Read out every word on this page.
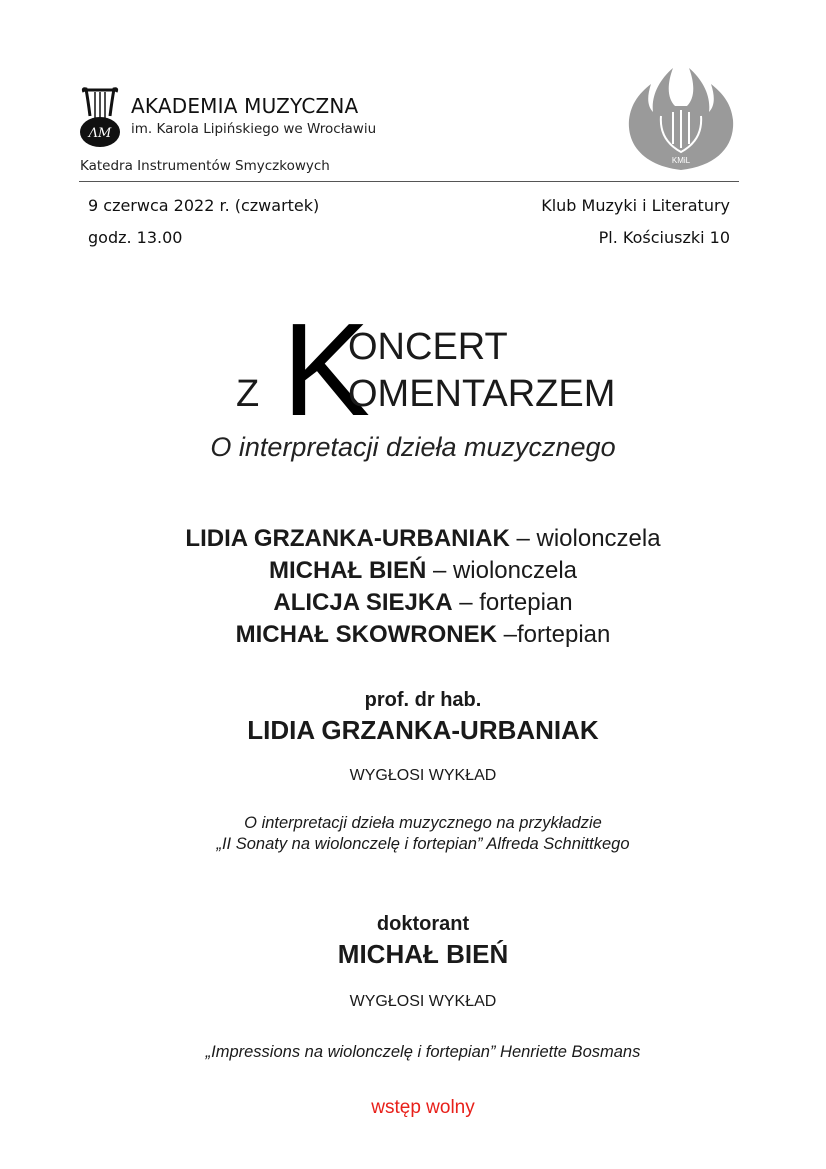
ΛΜ
AKADEMIA MUZYCZNA
im. Karola Lipińskiego we Wrocławiu
Katedra Instrumentów Smyczkowych
W
KMiL
9 czerwca 2022 r. (czwartek)
godz. 13.00
Klub Muzyki i Literatury
Pl. Kościuszki 10
K
ONCERT
Z OMENTARZEM
O interpretacji dzieła muzycznego
LIDIA GRZANKA-URBANIAK – wiolonczela
MICHAŁ BIEŃ – wiolonczela
ALICJA SIEJKA – fortepian
MICHAŁ SKOWRONEK –fortepian
prof. dr hab.
LIDIA GRZANKA-URBANIAK
WYGŁOSI WYKŁAD
O interpretacji dzieła muzycznego na przykładzie
„II Sonaty na wiolonczelę i fortepian” Alfreda Schnittkego
doktorant
MICHAŁ BIEŃ
WYGŁOSI WYKŁAD
„Impressions na wiolonczelę i fortepian” Henriette Bosmans
wstęp wolny
